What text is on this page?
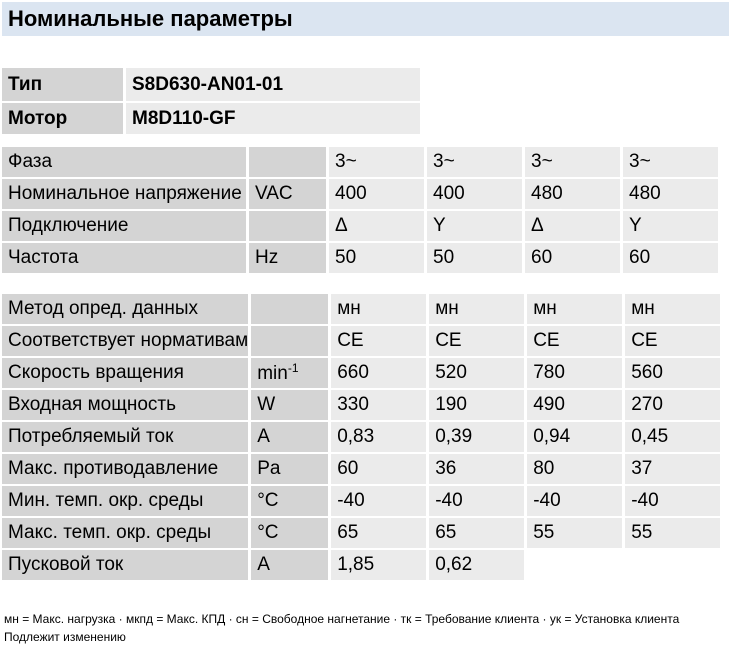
Номинальные параметры
Тип	S8D630-AN01-01
Мотор	M8D110-GF
Фаза		3~	3~	3~	3~
Номинальное напряжение	VAC	400	400	480	480
Подключение		Δ	Y	Δ	Y
Частота	Hz	50	50	60	60
Метод опред. данных		мн	мн	мн	мн
Соответствует нормативам		CE	CE	CE	CE
Скорость вращения	$\min^{-1}$	660	520	780	560
Входная мощность	W	330	190	490	270
Потребляемый ток	A	0,83	0,39	0,94	0,45
Макс. противодавление	Pa	60	36	80	37
Мин. темп. окр. среды	°C	-40	-40	-40	-40
Макс. темп. окр. среды	°C	65	65	55	55
Пусковой ток	A	1,85	0,62		
мн = Макс. нагрузка · мкпд = Макс. КПД · сн = Свободное нагнетание · тк = Требование клиента · ук = Установка клиента
Подлежит изменению
